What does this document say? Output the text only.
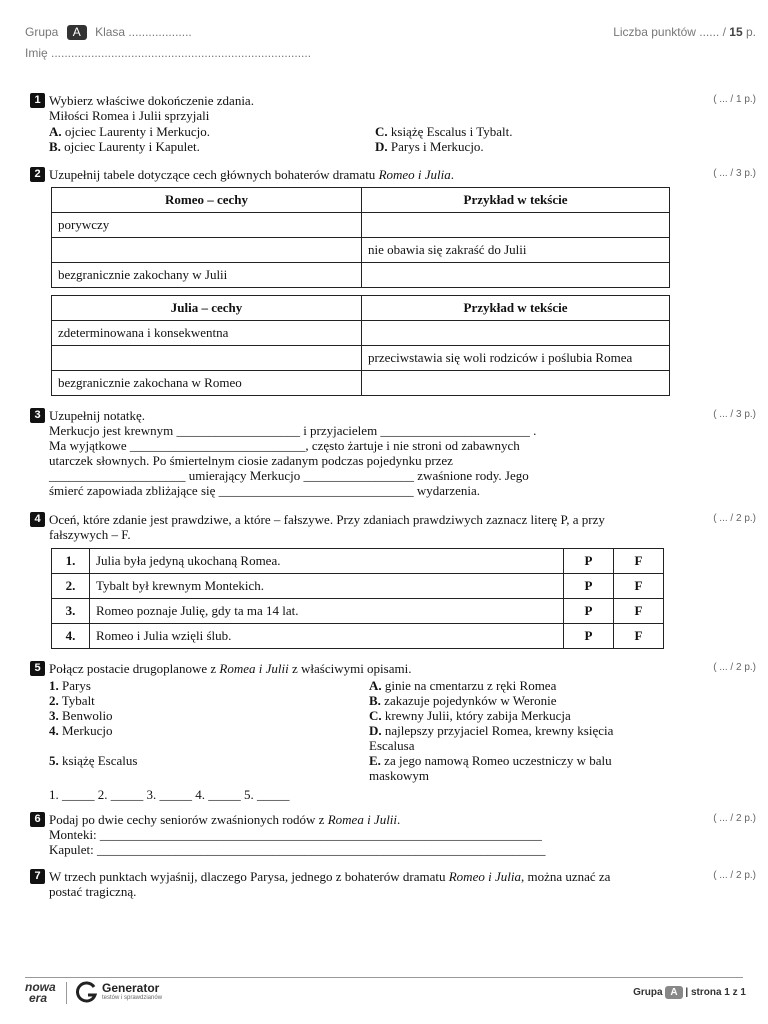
Grupa A Klasa ...................
Imię ..............................................................................
Liczba punktów ...... / 15 p.
1	( ... / 1 p.)
Wybierz właściwe dokończenie zdania.
Miłości Romea i Julii sprzyjali
A. ojciec Laurenty i Merkucjo.
B. ojciec Laurenty i Kapulet.
C. książę Escalus i Tybalt.
D. Parys i Merkucjo.
2	( ... / 3 p.)
Uzupełnij tabele dotyczące cech głównych bohaterów dramatu Romeo i Julia.
Romeo – cechy	Przykład w tekście
porywczy	
	nie obawia się zakraść do Julii
bezgranicznie zakochany w Julii	
Julia – cechy	Przykład w tekście
zdeterminowana i konsekwentna	
	przeciwstawia się woli rodziców i poślubia Romea
bezgranicznie zakochana w Romeo	
3	( ... / 3 p.)
Uzupełnij notatkę.
Merkucjo jest krewnym ___________________ i przyjacielem _______________________ .
Ma wyjątkowe ___________________________, często żartuje i nie stroni od zabawnych
utarczek słownych. Po śmiertelnym ciosie zadanym podczas pojedynku przez
_____________________ umierający Merkucjo _________________ zwaśnione rody. Jego
śmierć zapowiada zbliżające się ______________________________ wydarzenia.
4	( ... / 2 p.)
Oceń, które zdanie jest prawdziwe, a które – fałszywe. Przy zdaniach prawdziwych zaznacz literę P, a przy
fałszywych – F.
1.	Julia była jedyną ukochaną Romea.	P	F
2.	Tybalt był krewnym Montekich.	P	F
3.	Romeo poznaje Julię, gdy ta ma 14 lat.	P	F
4.	Romeo i Julia wzięli ślub.	P	F
5	( ... / 2 p.)
Połącz postacie drugoplanowe z Romea i Julii z właściwymi opisami.
1. Parys
2. Tybalt
3. Benwolio
4. Merkucjo
5. książę Escalus
A. ginie na cmentarzu z ręki Romea
B. zakazuje pojedynków w Weronie
C. krewny Julii, który zabija Merkucja
D. najlepszy przyjaciel Romea, krewny księcia
Escalusa
E. za jego namową Romeo uczestniczy w balu
maskowym
1. _____ 2. _____ 3. _____ 4. _____ 5. _____
6	( ... / 2 p.)
Podaj po dwie cechy seniorów zwaśnionych rodów z Romea i Julii.
Monteki: ____________________________________________________________________
Kapulet: _____________________________________________________________________
7	( ... / 2 p.)
W trzech punktach wyjaśnij, dlaczego Parysa, jednego z bohaterów dramatu Romeo i Julia, można uznać za
postać tragiczną.
nowa
era
Generator
testów i sprawdzianów	Grupa A | strona 1 z 1
